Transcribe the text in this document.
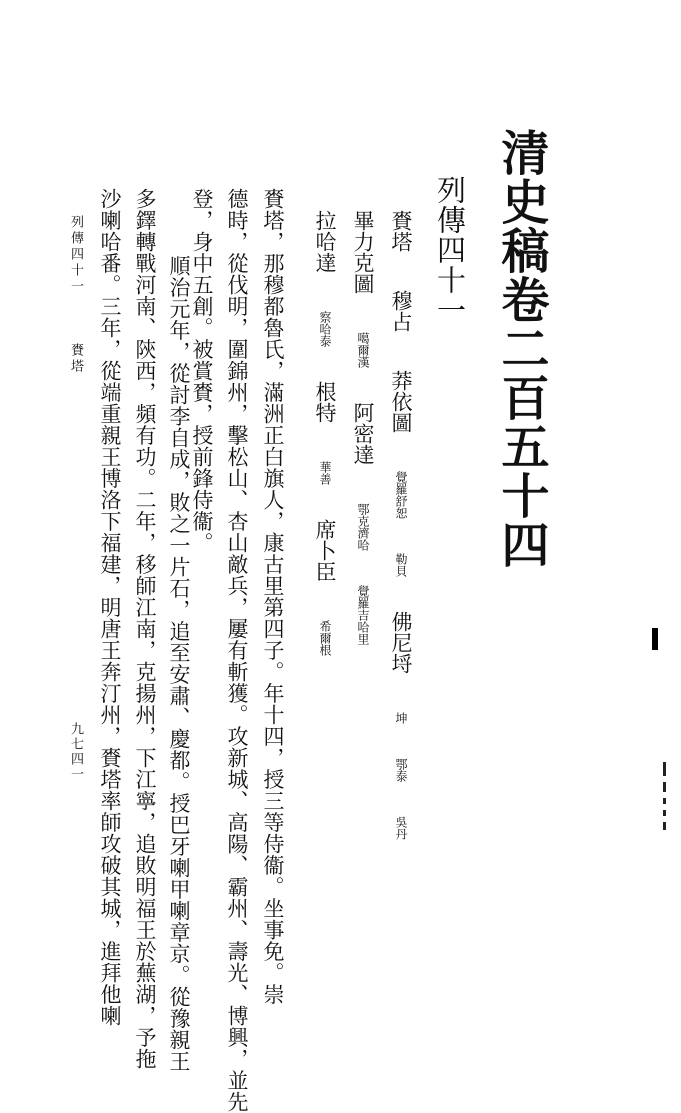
清史稿卷二百五十四
列傳四十一
賚塔 穆占 莽依圖 覺羅舒恕 勒貝 佛尼埒 坤 鄂泰 吳丹
畢力克圖 噶爾漢 阿密達 鄂克濟哈 覺羅吉哈里
拉哈達 察哈泰 根特 華善 席卜臣 希爾根
賚塔，那穆都魯氏，滿洲正白旗人，康古里第四子。年十四，授三等侍衞。坐事免。崇
德時，從伐明，圍錦州，擊松山、杏山敵兵，屢有斬獲。攻新城、高陽、霸州、壽光、博興，並先
登，身中五創。被賞賚，授前鋒侍衞。
順治元年，從討李自成，敗之一片石，追至安肅、慶都。授巴牙喇甲喇章京。從豫親王
多鐸轉戰河南、陝西，頻有功。二年，移師江南，克揚州，下江寧，追敗明福王於蕪湖，予拖
沙喇哈番。三年，從端重親王博洛下福建，明唐王奔汀州，賚塔率師攻破其城，進拜他喇
列傳四十一賚塔
九七四一
